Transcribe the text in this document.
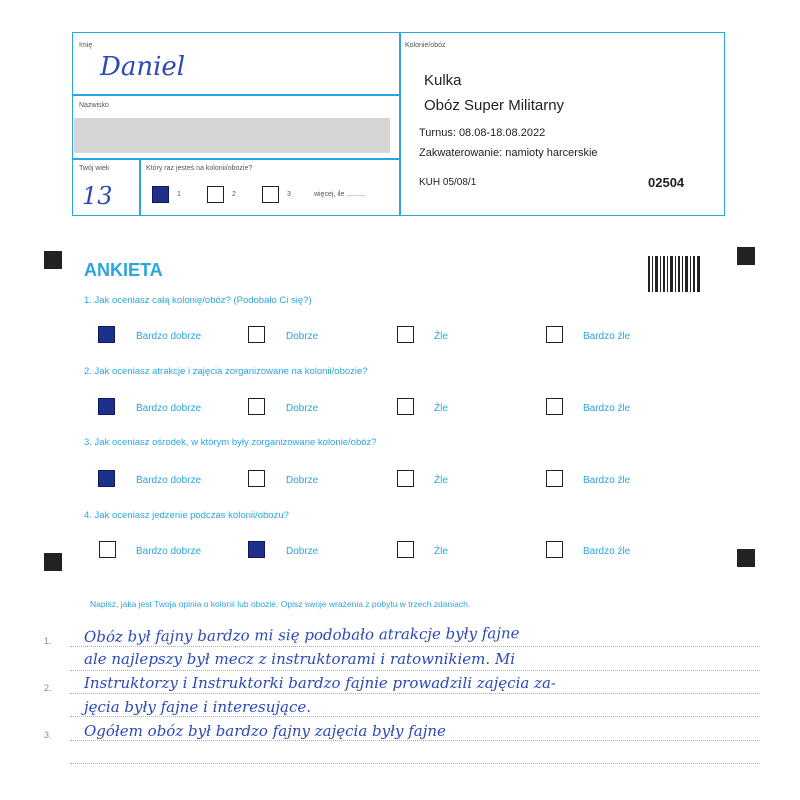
Imię
Daniel
Nazwisko
Twój wiek
13
Który raz jesteś na kolonii/obozie?
1	2	3	więcej, ile ..........
Kolonie/obóz
Kulka
Obóz Super Militarny
Turnus: 08.08-18.08.2022
Zakwaterowanie: namioty harcerskie
KUH 05/08/1	02504
ANKIETA
1. Jak oceniasz całą kolonię/obóz? (Podobało Ci się?)
Bardzo dobrze	Dobrze	Źle	Bardzo źle
2. Jak oceniasz atrakcje i zajęcia zorganizowane na kolonii/obozie?
Bardzo dobrze	Dobrze	Źle	Bardzo źle
3. Jak oceniasz ośrodek, w którym były zorganizowane kolonie/obóz?
Bardzo dobrze	Dobrze	Źle	Bardzo źle
4. Jak oceniasz jedzenie podczas kolonii/obozu?
Bardzo dobrze	Dobrze	Źle	Bardzo źle
Napisz, jaka jest Twoja opinia o kolonii lub obozie. Opisz swoje wrażenia z pobytu w trzech zdaniach.
1.
2.
3.
Obóz był fajny bardzo mi się podobało atrakcje były fajne
ale najlepszy był mecz z instruktorami i ratownikiem. Mi
Instruktorzy i Instruktorki bardzo fajnie prowadzili zajęcia za-
jęcia były fajne i interesujące.
Ogółem obóz był bardzo fajny zajęcia były fajne
